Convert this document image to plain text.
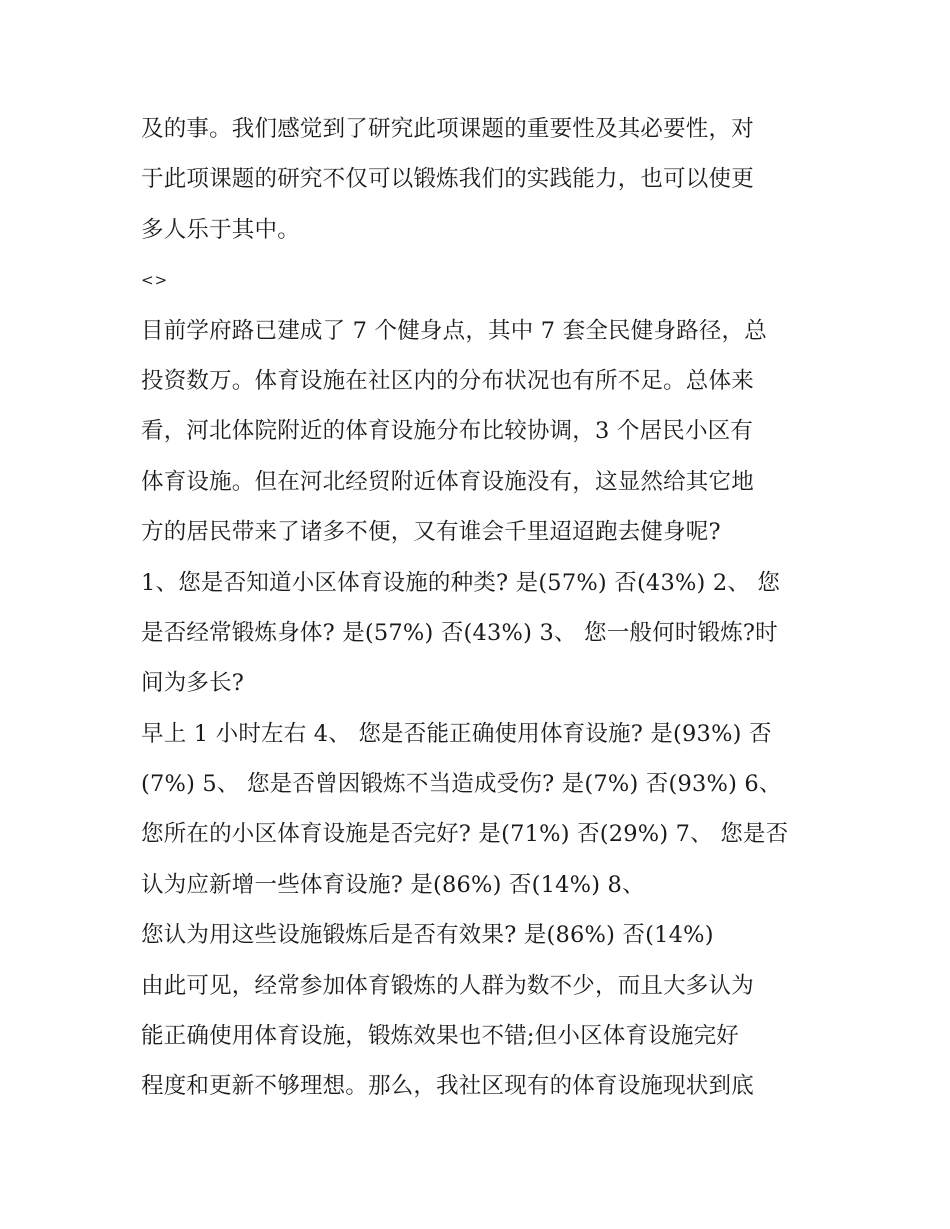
及的事。我们感觉到了研究此项课题的重要性及其必要性，对
于此项课题的研究不仅可以锻炼我们的实践能力，也可以使更
多人乐于其中。
<>
目前学府路已建成了 7 个健身点，其中 7 套全民健身路径，总
投资数万。体育设施在社区内的分布状况也有所不足。总体来
看，河北体院附近的体育设施分布比较协调，3 个居民小区有
体育设施。但在河北经贸附近体育设施没有，这显然给其它地
方的居民带来了诸多不便，又有谁会千里迢迢跑去健身呢?
1、您是否知道小区体育设施的种类? 是(57%) 否(43%) 2、 您
是否经常锻炼身体? 是(57%) 否(43%) 3、 您一般何时锻炼?时
间为多长?
早上 1 小时左右 4、 您是否能正确使用体育设施? 是(93%) 否
(7%) 5、 您是否曾因锻炼不当造成受伤? 是(7%) 否(93%) 6、
您所在的小区体育设施是否完好? 是(71%) 否(29%) 7、 您是否
认为应新增一些体育设施? 是(86%) 否(14%) 8、
您认为用这些设施锻炼后是否有效果? 是(86%) 否(14%)
由此可见，经常参加体育锻炼的人群为数不少，而且大多认为
能正确使用体育设施，锻炼效果也不错;但小区体育设施完好
程度和更新不够理想。那么，我社区现有的体育设施现状到底
